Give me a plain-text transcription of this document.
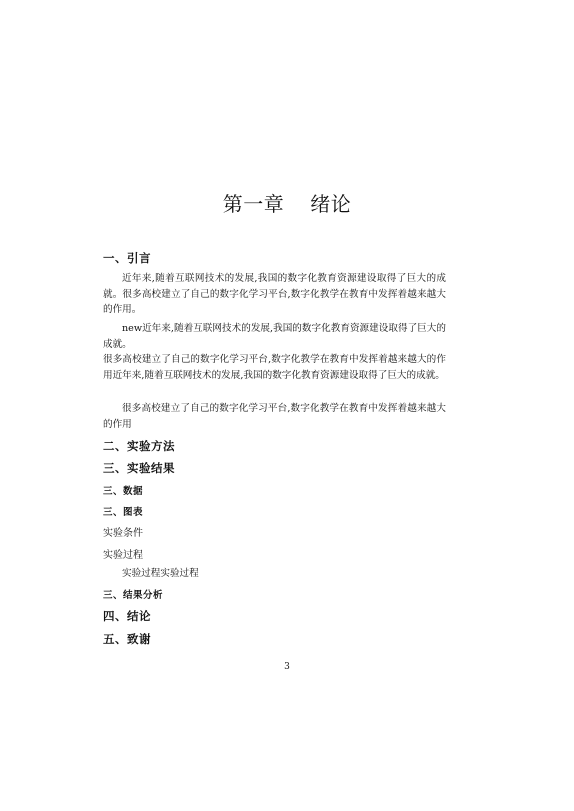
第一章 绪论
一、引言

近年来,随着互联网技术的发展,我国的数字化教育资源建设取得了巨大的成就。很多高校建立了自己的数字化学习平台,数字化教学在教育中发挥着越来越大的作用。

new近年来,随着互联网技术的发展,我国的数字化教育资源建设取得了巨大的成就。

很多高校建立了自己的数字化学习平台,数字化教学在教育中发挥着越来越大的作用近年来,随着互联网技术的发展,我国的数字化教育资源建设取得了巨大的成就。

很多高校建立了自己的数字化学习平台,数字化教学在教育中发挥着越来越大的作用

二、实验方法
三、实验结果
三、数据
三、图表
实验条件
实验过程

实验过程实验过程

三、结果分析
四、结论
五、致谢
3
